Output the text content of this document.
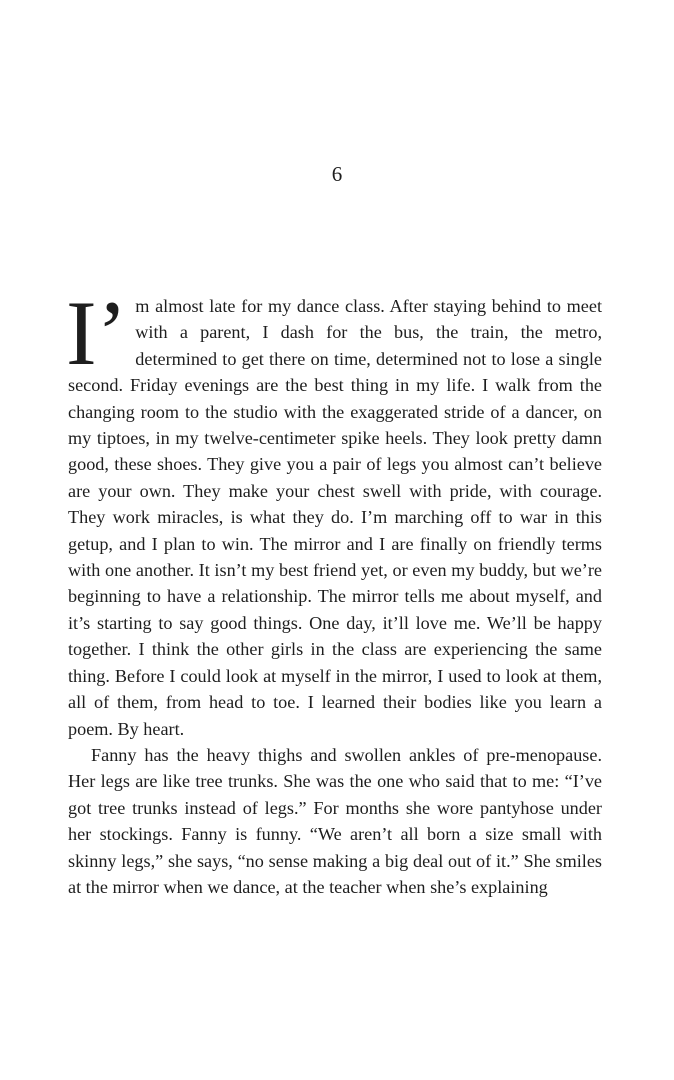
6

I’ m almost late for my dance class. After staying behind to meet with a parent, I dash for the bus, the train, the metro, determined to get there on time, determined not to lose a single second. Friday evenings are the best thing in my life. I walk from the changing room to the studio with the exaggerated stride of a dancer, on my tiptoes, in my twelve-centimeter spike heels. They look pretty damn good, these shoes. They give you a pair of legs you almost can’t believe are your own. They make your chest swell with pride, with courage. They work miracles, is what they do. I’m marching off to war in this getup, and I plan to win. The mirror and I are finally on friendly terms with one another. It isn’t my best friend yet, or even my buddy, but we’re beginning to have a relationship. The mirror tells me about myself, and it’s starting to say good things. One day, it’ll love me. We’ll be happy together. I think the other girls in the class are experiencing the same thing. Before I could look at myself in the mirror, I used to look at them, all of them, from head to toe. I learned their bodies like you learn a poem. By heart.

Fanny has the heavy thighs and swollen ankles of pre-menopause. Her legs are like tree trunks. She was the one who said that to me: “I’ve got tree trunks instead of legs.” For months she wore pantyhose under her stockings. Fanny is funny. “We aren’t all born a size small with skinny legs,” she says, “no sense making a big deal out of it.” She smiles at the mirror when we dance, at the teacher when she’s explaining
